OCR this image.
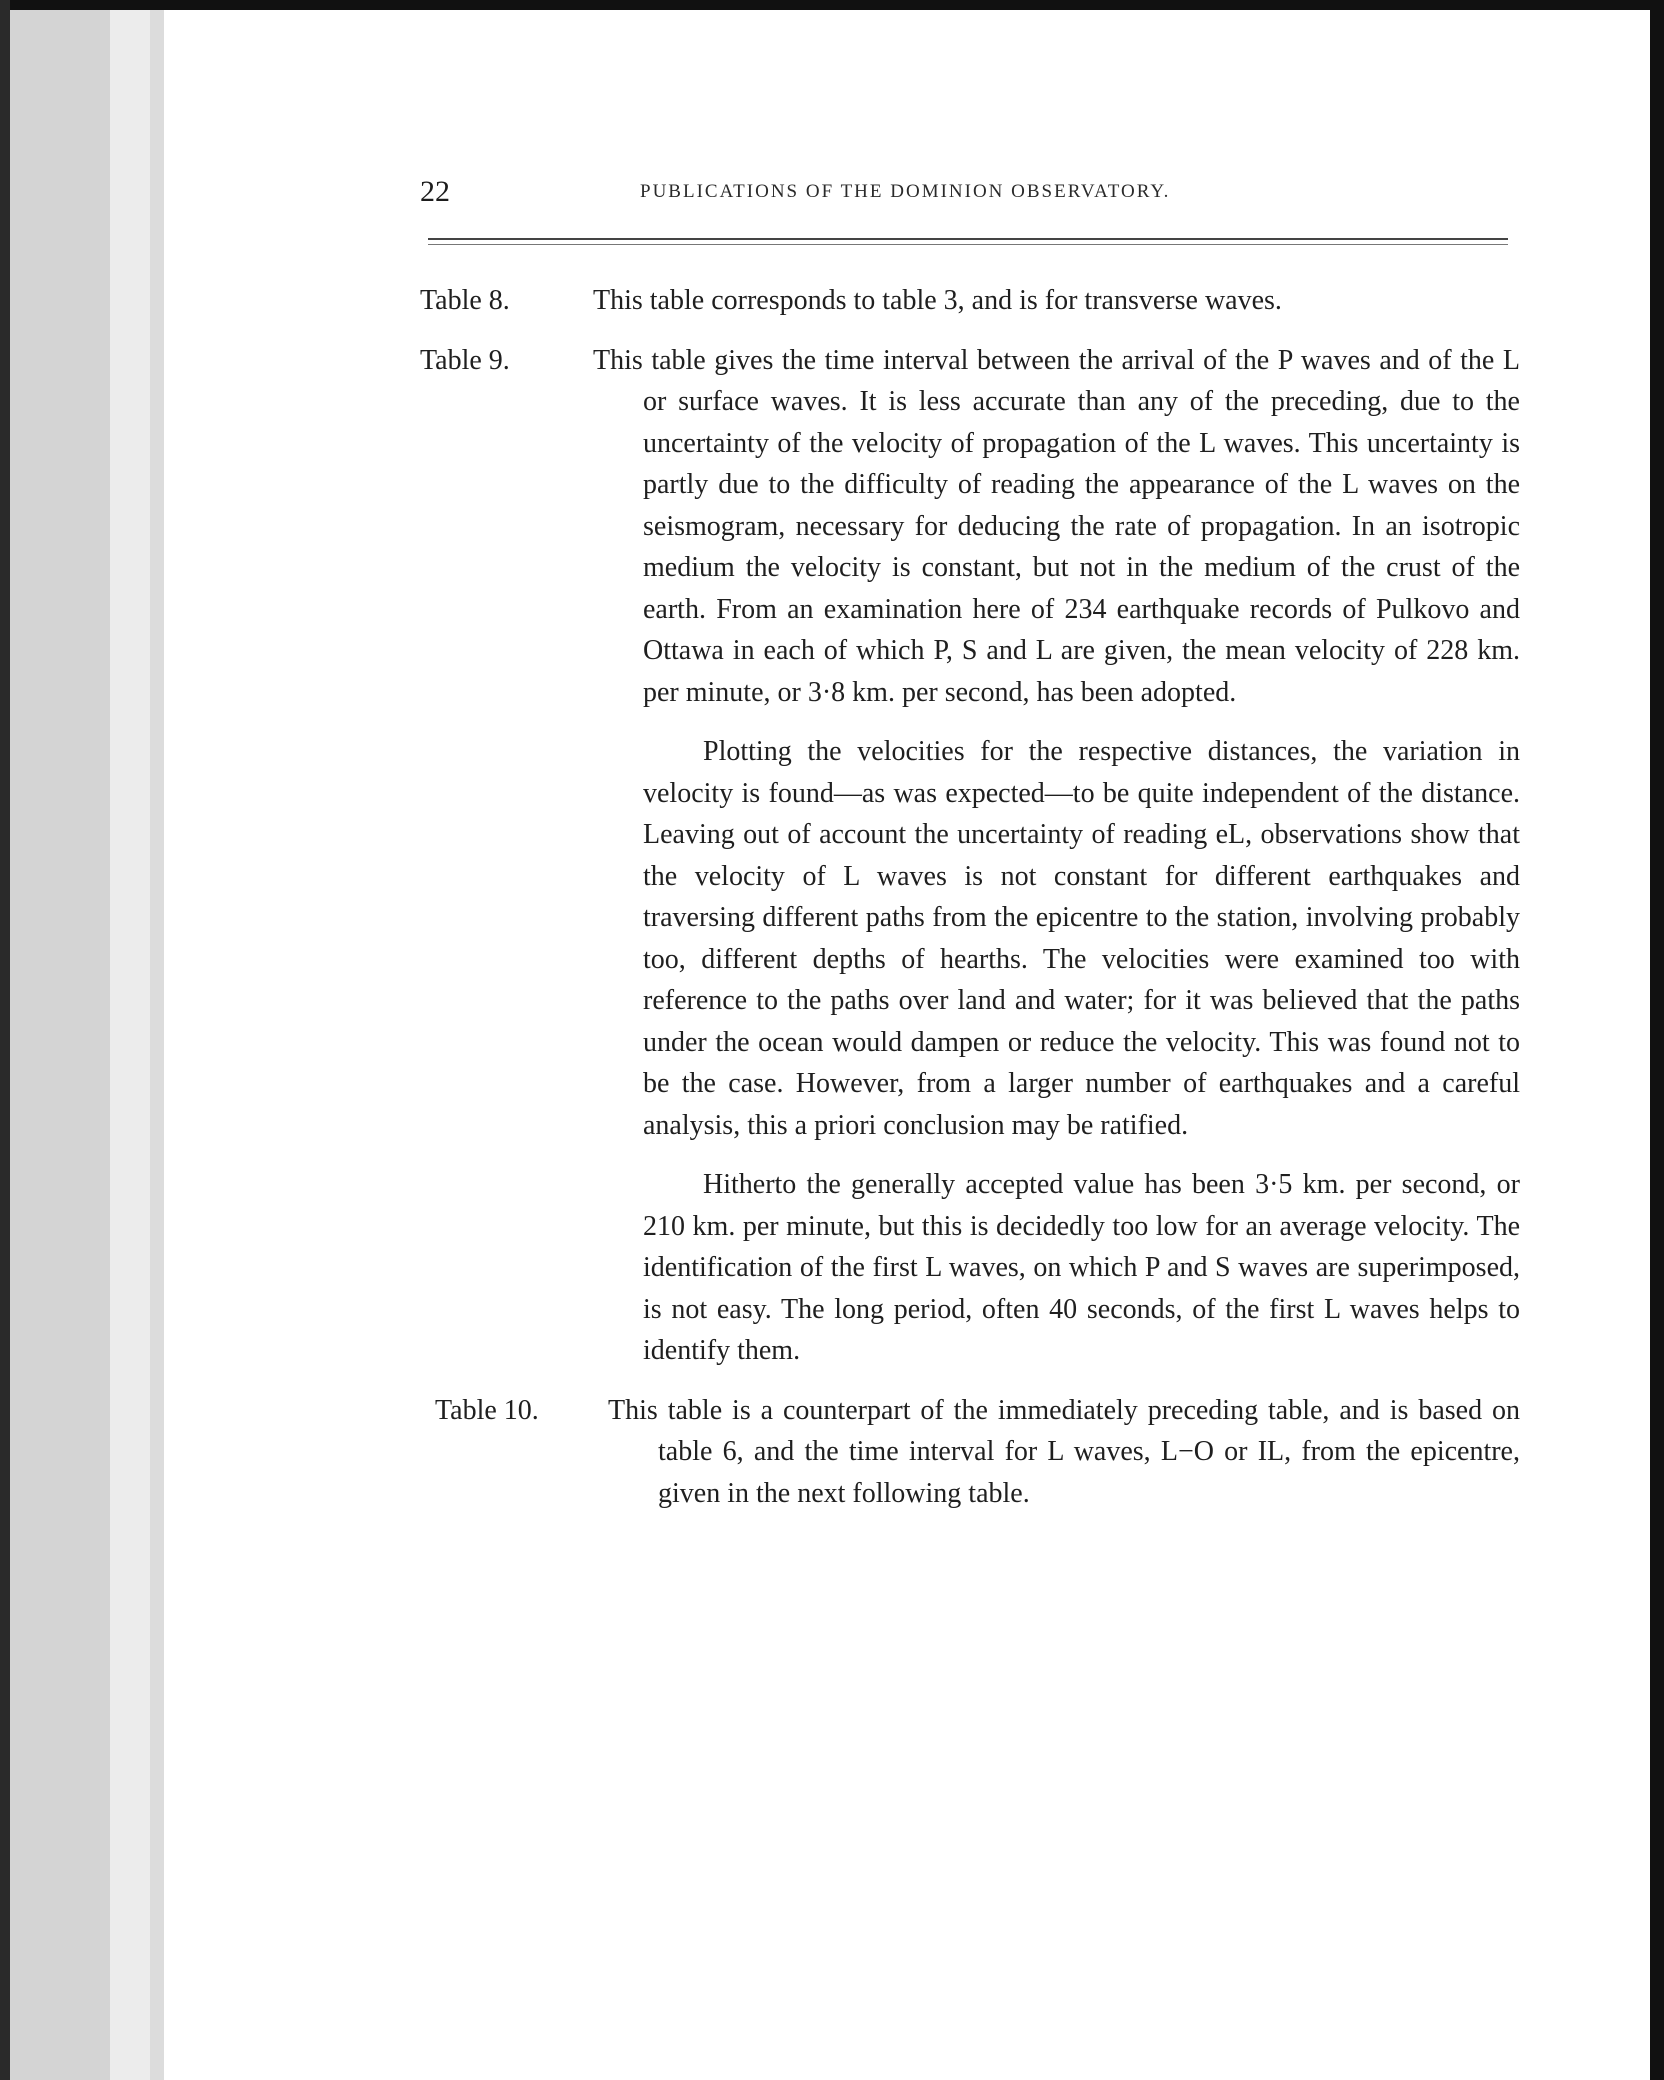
22	PUBLICATIONS OF THE DOMINION OBSERVATORY.
Table 8.	This table corresponds to table 3, and is for transverse waves.

Table 9.	This table gives the time interval between the arrival of the P waves and of the L or surface waves. It is less accurate than any of the preceding, due to the uncertainty of the velocity of propagation of the L waves. This uncertainty is partly due to the difficulty of reading the appearance of the L waves on the seismogram, necessary for deducing the rate of propagation. In an isotropic medium the velocity is constant, but not in the medium of the crust of the earth. From an examination here of 234 earthquake records of Pulkovo and Ottawa in each of which P, S and L are given, the mean velocity of 228 km. per minute, or 3·8 km. per second, has been adopted.

Plotting the velocities for the respective distances, the variation in velocity is found—as was expected—to be quite independent of the distance. Leaving out of account the uncertainty of reading eL, observations show that the velocity of L waves is not constant for different earthquakes and traversing different paths from the epicentre to the station, involving probably too, different depths of hearths. The velocities were examined too with reference to the paths over land and water; for it was believed that the paths under the ocean would dampen or reduce the velocity. This was found not to be the case. However, from a larger number of earthquakes and a careful analysis, this a priori conclusion may be ratified.

Hitherto the generally accepted value has been 3·5 km. per second, or 210 km. per minute, but this is decidedly too low for an average velocity. The identification of the first L waves, on which P and S waves are superimposed, is not easy. The long period, often 40 seconds, of the first L waves helps to identify them.

Table 10. This table is a counterpart of the immediately preceding table, and is based on table 6, and the time interval for L waves, L−O or IL, from the epicentre, given in the next following table.
